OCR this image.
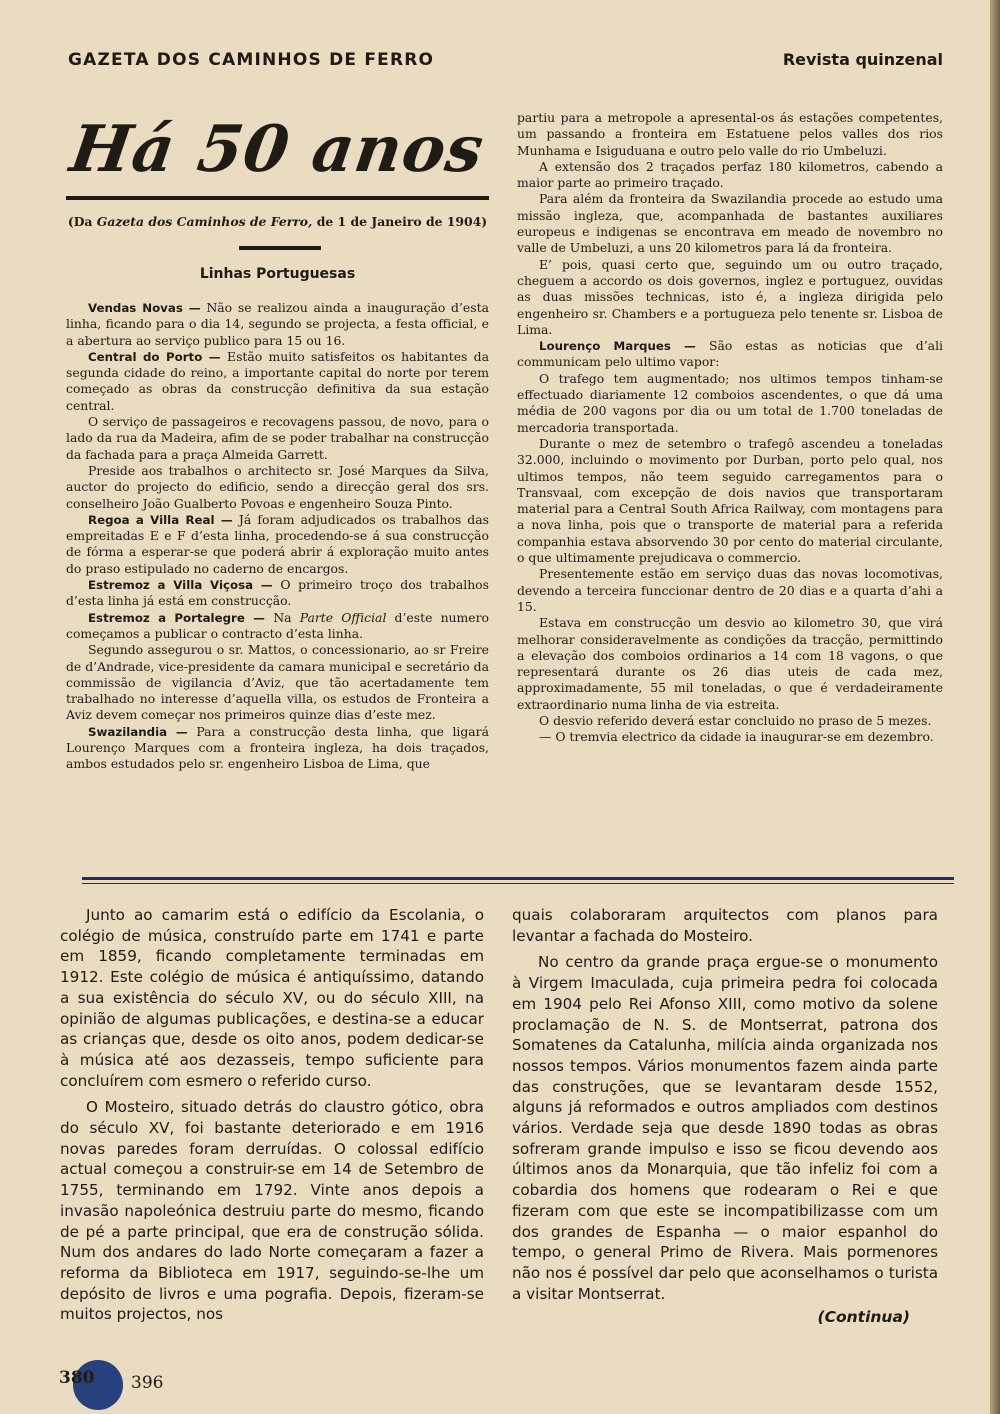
GAZETA DOS CAMINHOS DE FERRO	Revista quinzenal
Há 50 anos
(Da Gazeta dos Caminhos de Ferro, de 1 de Janeiro de 1904)
Linhas Portuguesas

Vendas Novas — Não se realizou ainda a inauguração d’esta linha, ficando para o dia 14, segundo se projecta, a festa official, e a abertura ao serviço publico para 15 ou 16.

Central do Porto — Estão muito satisfeitos os habitantes da segunda cidade do reino, a importante capital do norte por terem começado as obras da construcção definitiva da sua estação central.

O serviço de passageiros e recovagens passou, de novo, para o lado da rua da Madeira, afim de se poder trabalhar na construcção da fachada para a praça Almeida Garrett.

Preside aos trabalhos o architecto sr. José Marques da Silva, auctor do projecto do edificio, sendo a direcção geral dos srs. conselheiro João Gualberto Povoas e engenheiro Souza Pinto.

Regoa a Villa Real — Já foram adjudicados os trabalhos das empreitadas E e F d’esta linha, procedendo-se á sua construcção de fórma a esperar-se que poderá abrir á exploração muito antes do praso estipulado no caderno de encargos.

Estremoz a Villa Viçosa — O primeiro troço dos trabalhos d’esta linha já está em construcção.

Estremoz a Portalegre — Na Parte Official d’este numero começamos a publicar o contracto d’esta linha.

Segundo assegurou o sr. Mattos, o concessionario, ao sr Freire de d’Andrade, vice-presidente da camara municipal e secretário da commissão de vigilancia d’Aviz, que tão acertadamente tem trabalhado no interesse d’aquella villa, os estudos de Fronteira a Aviz devem começar nos primeiros quinze dias d’este mez.

Swazilandia — Para a construcção desta linha, que ligará Lourenço Marques com a fronteira ingleza, ha dois traçados, ambos estudados pelo sr. engenheiro Lisboa de Lima, que

partiu para a metropole a apresental-os ás estações competentes, um passando a fronteira em Estatuene pelos valles dos rios Munhama e Isiguduana e outro pelo valle do rio Umbeluzi.

A extensão dos 2 traçados perfaz 180 kilometros, cabendo a maior parte ao primeiro traçado.

Para além da fronteira da Swazilandia procede ao estudo uma missão ingleza, que, acompanhada de bastantes auxiliares europeus e indigenas se encontrava em meado de novembro no valle de Umbeluzi, a uns 20 kilometros para lá da fronteira.

E’ pois, quasi certo que, seguindo um ou outro traçado, cheguem a accordo os dois governos, inglez e portuguez, ouvidas as duas missões technicas, isto é, a ingleza dirigida pelo engenheiro sr. Chambers e a portugueza pelo tenente sr. Lisboa de Lima.

Lourenço Marques — São estas as noticias que d’ali communicam pelo ultimo vapor:

O trafego tem augmentado; nos ultimos tempos tinham-se effectuado diariamente 12 comboios ascendentes, o que dá uma média de 200 vagons por dia ou um total de 1.700 toneladas de mercadoria transportada.

Durante o mez de setembro o trafegô ascendeu a toneladas 32.000, incluindo o movimento por Durban, porto pelo qual, nos ultimos tempos, não teem seguido carregamentos para o Transvaal, com excepção de dois navios que transportaram material para a Central South Africa Railway, com montagens para a nova linha, pois que o transporte de material para a referida companhia estava absorvendo 30 por cento do material circulante, o que ultimamente prejudicava o commercio.

Presentemente estão em serviço duas das novas locomotivas, devendo a terceira funccionar dentro de 20 dias e a quarta d’ahi a 15.

Estava em construcção um desvio ao kilometro 30, que virá melhorar consideravelmente as condições da tracção, permittindo a elevação dos comboios ordinarios a 14 com 18 vagons, o que representará durante os 26 dias uteis de cada mez, approximadamente, 55 mil toneladas, o que é verdadeiramente extraordinario numa linha de via estreita.

O desvio referido deverá estar concluido no praso de 5 mezes.

— O tremvia electrico da cidade ia inaugurar-se em dezembro.

Junto ao camarim está o edifício da Escolania, o colégio de música, construído parte em 1741 e parte em 1859, ficando completamente terminadas em 1912. Este colégio de música é antiquíssimo, datando a sua existência do século XV, ou do século XIII, na opinião de algumas publicações, e destina-se a educar as crianças que, desde os oito anos, podem dedicar-se à música até aos dezasseis, tempo suficiente para concluírem com esmero o referido curso.

O Mosteiro, situado detrás do claustro gótico, obra do século XV, foi bastante deteriorado e em 1916 novas paredes foram derruídas. O colossal edifício actual começou a construir-se em 14 de Setembro de 1755, terminando em 1792. Vinte anos depois a invasão napoleónica destruiu parte do mesmo, ficando de pé a parte principal, que era de construção sólida. Num dos andares do lado Norte começaram a fazer a reforma da Biblioteca em 1917, seguindo-se-lhe um depósito de livros e uma pografia. Depois, fizeram-se muitos projectos, nos

quais colaboraram arquitectos com planos para levantar a fachada do Mosteiro.

No centro da grande praça ergue-se o monumento à Virgem Imaculada, cuja primeira pedra foi colocada em 1904 pelo Rei Afonso XIII, como motivo da solene proclamação de N. S. de Montserrat, patrona dos Somatenes da Catalunha, milícia ainda organizada nos nossos tempos. Vários monumentos fazem ainda parte das construções, que se levantaram desde 1552, alguns já reformados e outros ampliados com destinos vários. Verdade seja que desde 1890 todas as obras sofreram grande impulso e isso se ficou devendo aos últimos anos da Monarquia, que tão infeliz foi com a cobardia dos homens que rodearam o Rei e que fizeram com que este se incompatibilizasse com um dos grandes de Espanha — o maior espanhol do tempo, o general Primo de Rivera. Mais pormenores não nos é possível dar pelo que aconselhamos o turista a visitar Montserrat.

(Continua)
380 396
